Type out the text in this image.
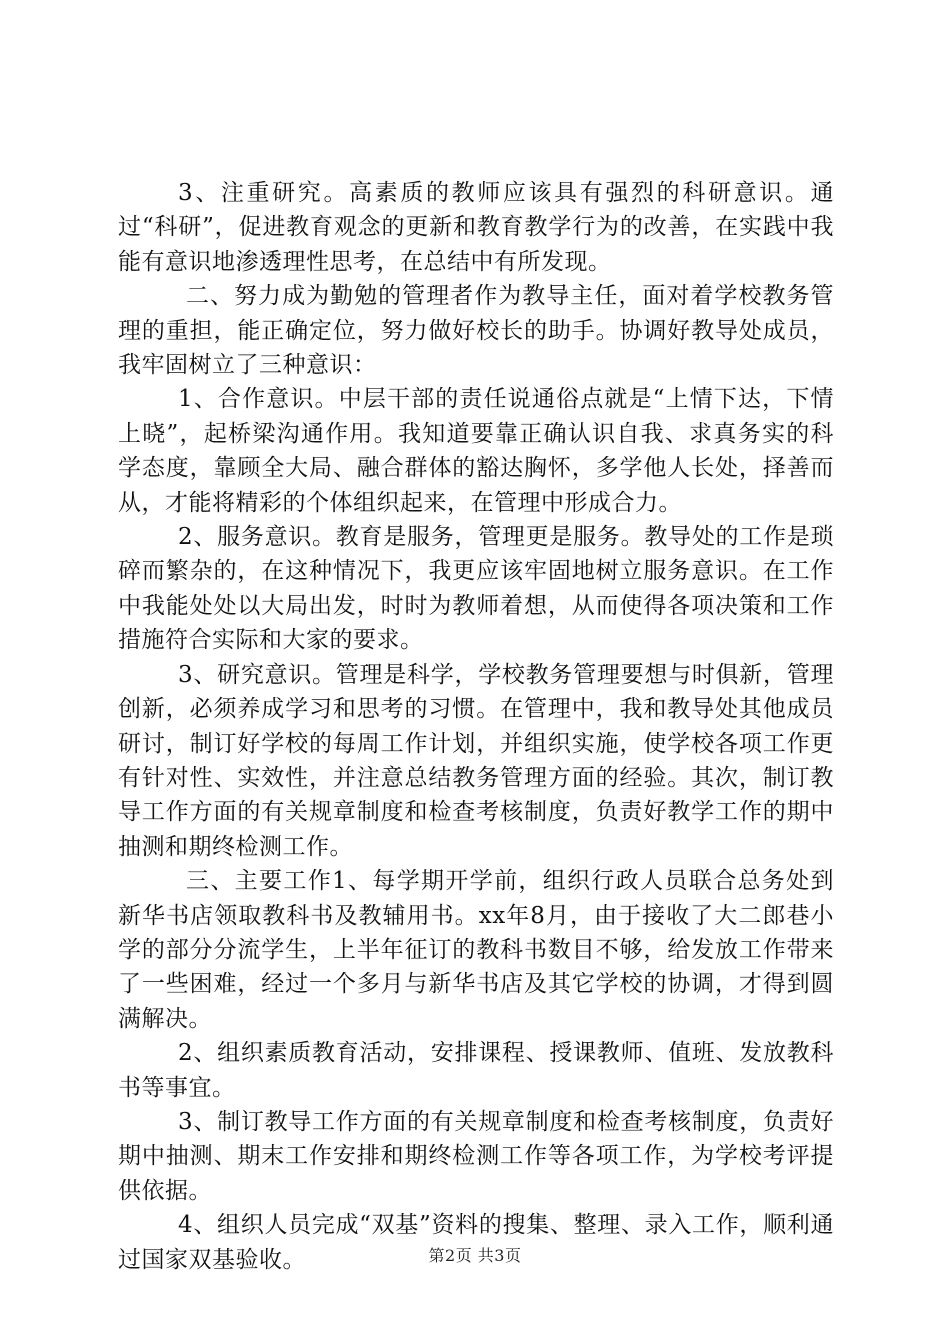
3、注重研究。高素质的教师应该具有强烈的科研意识。通过“科研”，促进教育观念的更新和教育教学行为的改善，在实践中我能有意识地渗透理性思考，在总结中有所发现。

二、努力成为勤勉的管理者作为教导主任，面对着学校教务管理的重担，能正确定位，努力做好校长的助手。协调好教导处成员，我牢固树立了三种意识：

1、合作意识。中层干部的责任说通俗点就是“上情下达，下情上晓”，起桥梁沟通作用。我知道要靠正确认识自我、求真务实的科学态度，靠顾全大局、融合群体的豁达胸怀，多学他人长处，择善而从，才能将精彩的个体组织起来，在管理中形成合力。

2、服务意识。教育是服务，管理更是服务。教导处的工作是琐碎而繁杂的，在这种情况下，我更应该牢固地树立服务意识。在工作中我能处处以大局出发，时时为教师着想，从而使得各项决策和工作措施符合实际和大家的要求。

3、研究意识。管理是科学，学校教务管理要想与时俱新，管理创新，必须养成学习和思考的习惯。在管理中，我和教导处其他成员研讨，制订好学校的每周工作计划，并组织实施，使学校各项工作更有针对性、实效性，并注意总结教务管理方面的经验。其次，制订教导工作方面的有关规章制度和检查考核制度，负责好教学工作的期中抽测和期终检测工作。

三、主要工作1、每学期开学前，组织行政人员联合总务处到新华书店领取教科书及教辅用书。xx年8月，由于接收了大二郎巷小学的部分分流学生，上半年征订的教科书数目不够，给发放工作带来了一些困难，经过一个多月与新华书店及其它学校的协调，才得到圆满解决。

2、组织素质教育活动，安排课程、授课教师、值班、发放教科书等事宜。

3、制订教导工作方面的有关规章制度和检查考核制度，负责好期中抽测、期末工作安排和期终检测工作等各项工作，为学校考评提供依据。

4、组织人员完成“双基”资料的搜集、整理、录入工作，顺利通过国家双基验收。	第2页 共3页
